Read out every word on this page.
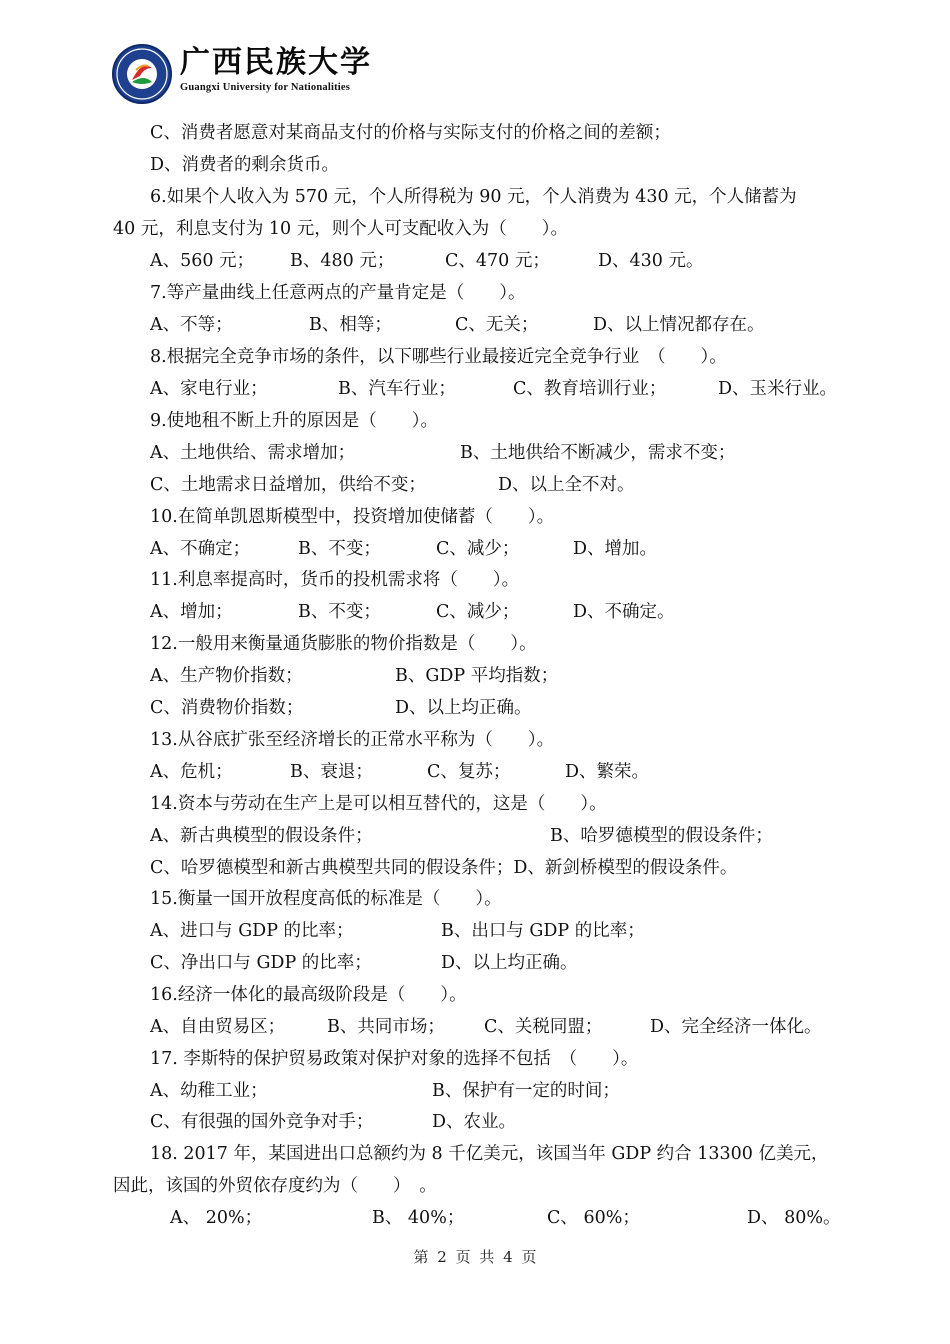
广西民族大学
Guangxi University for Nationalities
C、消费者愿意对某商品支付的价格与实际支付的价格之间的差额；
D、消费者的剩余货币。
6.如果个人收入为 570 元，个人所得税为 90 元，个人消费为 430 元，个人储蓄为
40 元，利息支付为 10 元，则个人可支配收入为（　　）。
A、560 元； B、480 元；	C、470 元；	D、430 元。
7.等产量曲线上任意两点的产量肯定是（　　）。
A、不等；	B、相等；	C、无关；	D、以上情况都存在。
8.根据完全竞争市场的条件，以下哪些行业最接近完全竞争行业　（　　）。
A、家电行业；	B、汽车行业；	C、教育培训行业；	D、玉米行业。
9.使地租不断上升的原因是（　　）。
A、土地供给、需求增加；	B、土地供给不断减少，需求不变；
C、土地需求日益增加，供给不变；	D、以上全不对。
10.在简单凯恩斯模型中，投资增加使储蓄（　　）。
A、不确定；	B、不变；	C、减少；	D、增加。
11.利息率提高时，货币的投机需求将（　　）。
A、增加；	B、不变；	C、减少；	D、不确定。
12.一般用来衡量通货膨胀的物价指数是（　　）。
A、生产物价指数；	B、GDP 平均指数；
C、消费物价指数；	D、以上均正确。
13.从谷底扩张至经济增长的正常水平称为（　　）。
A、危机；	B、衰退；	C、复苏；	D、繁荣。
14.资本与劳动在生产上是可以相互替代的，这是（　　）。
A、新古典模型的假设条件；	B、哈罗德模型的假设条件；
C、哈罗德模型和新古典模型共同的假设条件；D、新剑桥模型的假设条件。
15.衡量一国开放程度高低的标准是（　　）。
A、进口与 GDP 的比率；	B、出口与 GDP 的比率；
C、净出口与 GDP 的比率；	D、以上均正确。
16.经济一体化的最高级阶段是（　　）。
A、自由贸易区； B、共同市场； C、关税同盟；	D、完全经济一体化。
17. 李斯特的保护贸易政策对保护对象的选择不包括　（　　）。
A、幼稚工业；	B、保护有一定的时间；
C、有很强的国外竞争对手；	D、农业。
18. 2017 年，某国进出口总额约为 8 千亿美元，该国当年 GDP 约合 13300 亿美元，
因此，该国的外贸依存度约为（　　）　。
A、 20%；	B、 40%；	C、 60%；	D、 80%。
第 2 页 共 4 页
